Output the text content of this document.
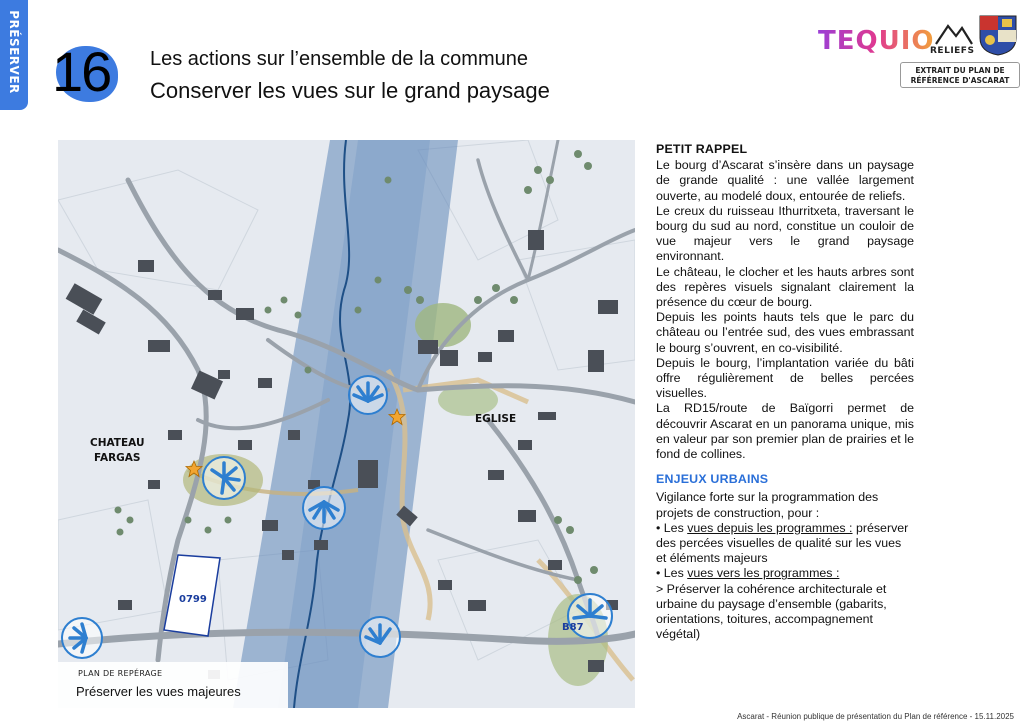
PRÉSERVER 16 Les actions sur l’ensemble de la commune
Conserver les vues sur le grand paysage
TEQUIO
RELIEFS
EXTRAIT DU PLAN DE
RÉFÉRENCE D'ASCARAT
CHATEAU
FARGAS
EGLISE
0799
B87
PLAN DE REPÉRAGE
Préserver les vues majeures
PETIT RAPPEL

Le bourg d’Ascarat s’insère dans un paysage de grande qualité : une vallée largement ouverte, au modelé doux, entourée de reliefs.

Le creux du ruisseau Ithurritxeta, traversant le bourg du sud au nord, constitue un couloir de vue majeur vers le grand paysage environnant.

Le château, le clocher et les hauts arbres sont des repères visuels signalant clairement la présence du cœur de bourg.

Depuis les points hauts tels que le parc du château ou l’entrée sud, des vues embrassant le bourg s’ouvrent, en co-visibilité.

Depuis le bourg, l’implantation variée du bâti offre régulièrement de belles percées visuelles.

La RD15/route de Baïgorri permet de découvrir Ascarat en un panorama unique, mis en valeur par son premier plan de prairies et le fond de collines.

ENJEUX URBAINS

Vigilance forte sur la programmation des projets de construction, pour :

• Les vues depuis les programmes : préserver des percées visuelles de qualité sur les vues et éléments majeurs

• Les vues vers les programmes :
> Préserver la cohérence architecturale et urbaine du paysage d’ensemble (gabarits, orientations, toitures, accompagnement végétal)

Ascarat - Réunion publique de présentation du Plan de référence - 15.11.2025
